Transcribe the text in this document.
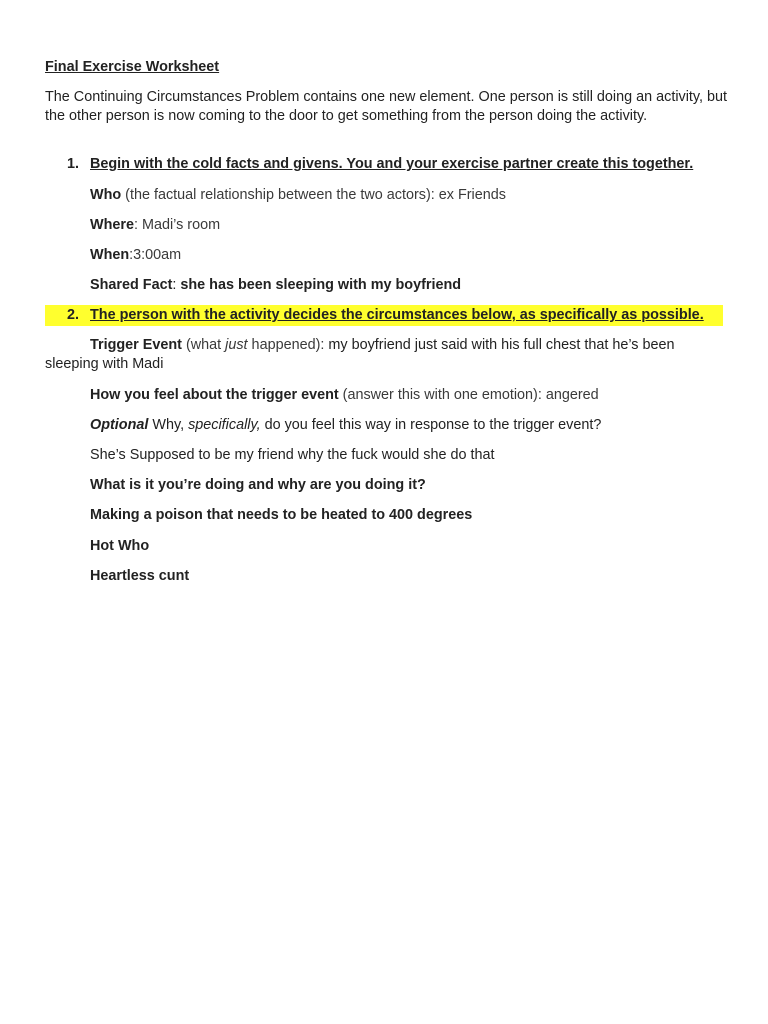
Final Exercise Worksheet
The Continuing Circumstances Problem contains one new element. One person is still doing an activity, but the other person is now coming to the door to get something from the person doing the activity.
1. Begin with the cold facts and givens. You and your exercise partner create this together.
Who (the factual relationship between the two actors): ex Friends
Where: Madi’s room
When:3:00am
Shared Fact: she has been sleeping with my boyfriend
2. The person with the activity decides the circumstances below, as specifically as possible.
Trigger Event (what just happened): my boyfriend just said with his full chest that he’s been
sleeping with Madi
How you feel about the trigger event (answer this with one emotion): angered
Optional Why, specifically, do you feel this way in response to the trigger event?
She’s Supposed to be my friend why the fuck would she do that
What is it you’re doing and why are you doing it?
Making a poison that needs to be heated to 400 degrees
Hot Who
Heartless cunt
